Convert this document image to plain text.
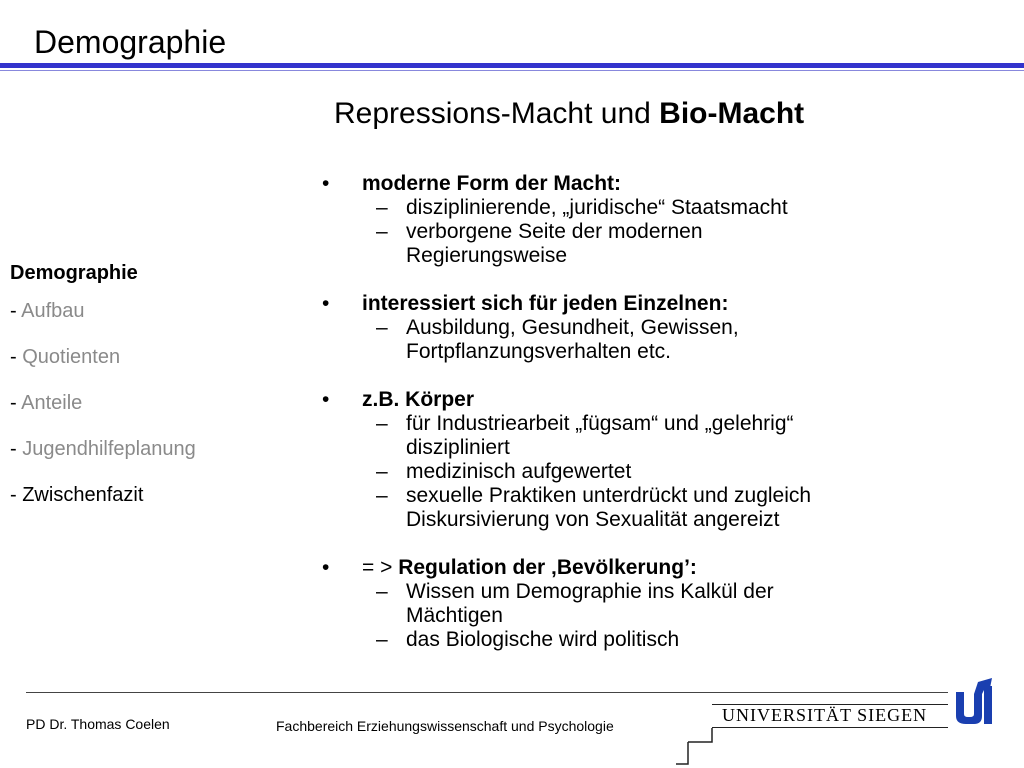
Demographie
Repressions-Macht und Bio-Macht
Demographie
- Aufbau
- Quotienten
- Anteile
- Jugendhilfeplanung
- Zwischenfazit
• moderne Form der Macht:
– disziplinierende, „juridische“ Staatsmacht
– verborgene Seite der modernen
Regierungsweise
• interessiert sich für jeden Einzelnen:
– Ausbildung, Gesundheit, Gewissen,
Fortpflanzungsverhalten etc.
• z.B. Körper
– für Industriearbeit „fügsam“ und „gelehrig“
diszipliniert
– medizinisch aufgewertet
– sexuelle Praktiken unterdrückt und zugleich
Diskursivierung von Sexualität angereizt
• = > Regulation der ‚Bevölkerung’:
– Wissen um Demographie ins Kalkül der
Mächtigen
– das Biologische wird politisch
PD Dr. Thomas Coelen	Fachbereich Erziehungswissenschaft und Psychologie
UNIVERSITÄT SIEGEN
